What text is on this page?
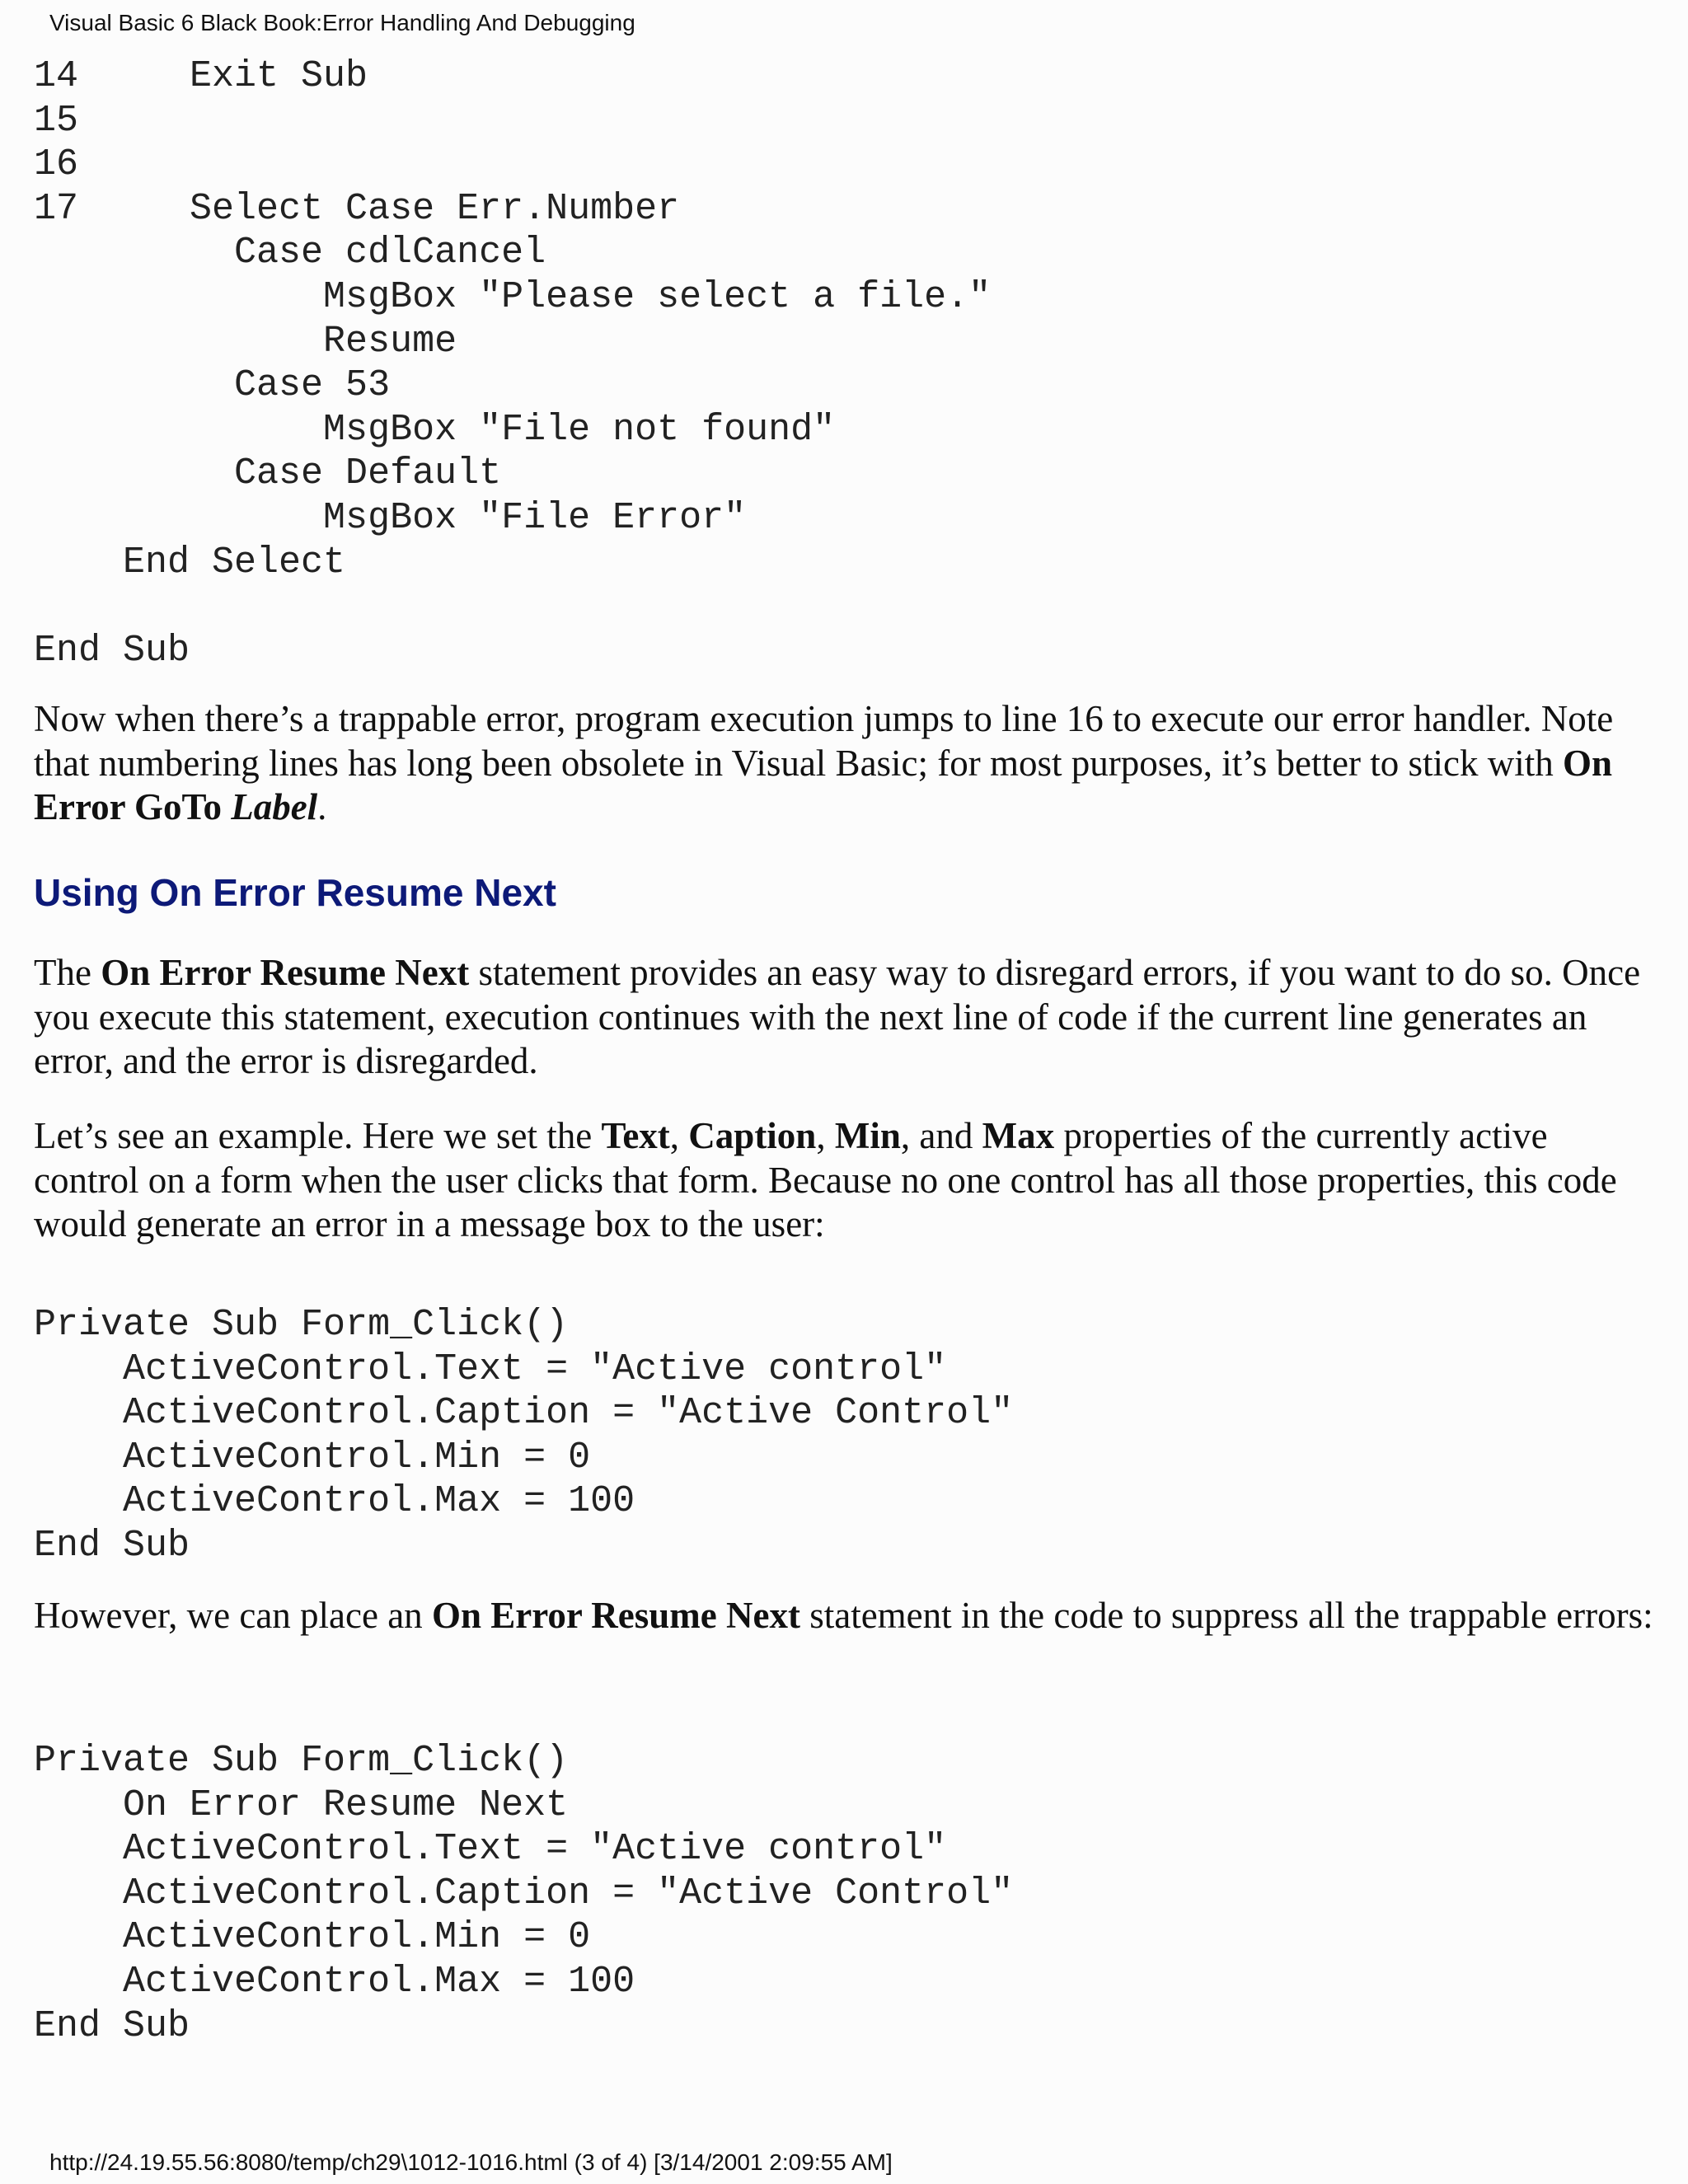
Visual Basic 6 Black Book:Error Handling And Debugging
14     Exit Sub
15
16
17     Select Case Err.Number
Case cdlCancel
MsgBox "Please select a file."
Resume
Case 53
MsgBox "File not found"
Case Default
MsgBox "File Error"
End Select

End Sub

Now when there’s a trappable error, program execution jumps to line 16 to execute our error handler. Note that numbering lines has long been obsolete in Visual Basic; for most purposes, it’s better to stick with On Error GoTo Label.

Using On Error Resume Next

The On Error Resume Next statement provides an easy way to disregard errors, if you want to do so. Once you execute this statement, execution continues with the next line of code if the current line generates an error, and the error is disregarded.

Let’s see an example. Here we set the Text, Caption, Min, and Max properties of the currently active control on a form when the user clicks that form. Because no one control has all those properties, this code would generate an error in a message box to the user:

Private Sub Form_Click()
ActiveControl.Text = "Active control"
ActiveControl.Caption = "Active Control"
ActiveControl.Min = 0
ActiveControl.Max = 100
End Sub

However, we can place an On Error Resume Next statement in the code to suppress all the trappable errors:

Private Sub Form_Click()
On Error Resume Next
ActiveControl.Text = "Active control"
ActiveControl.Caption = "Active Control"
ActiveControl.Min = 0
ActiveControl.Max = 100
End Sub
http://24.19.55.56:8080/temp/ch29\1012-1016.html (3 of 4) [3/14/2001 2:09:55 AM]
